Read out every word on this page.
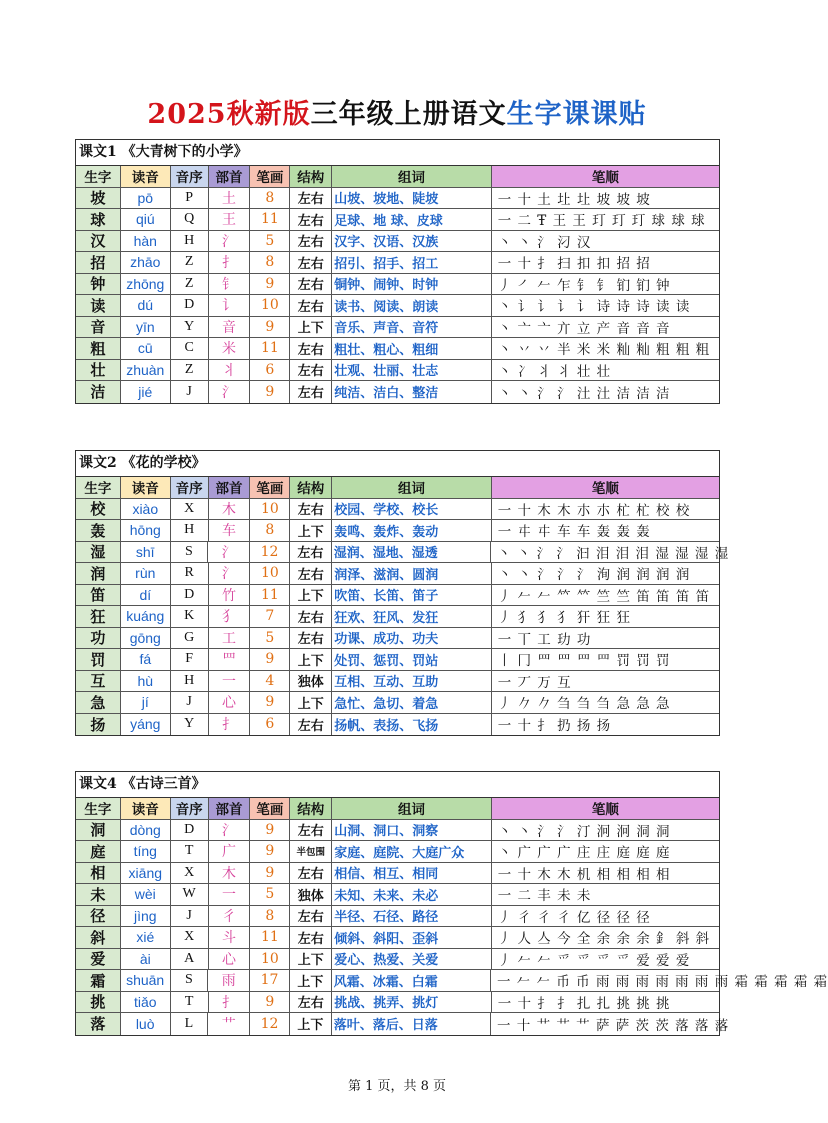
2025秋新版三年级上册语文生字课课贴
课文1 《大青树下的小学》
生字	读音	音序 部首	笔画	结构	组词	笔顺
坡	pō	P	土	8	左右 山坡、坡地、陡坡	一 十 土 圵 圵 坡 坡 坡
球	qiú	Q	王	11	左右 足球、地 球、皮球	一 二 Ŧ 王 王 玎 玎 玎 球 球 球
汉	hàn	H	氵	5	左右 汉字、汉语、汉族	丶 丶 氵 汈 汉
招	zhāo	Z	扌	8	左右 招引、招手、招工	一 十 扌 扫 扣 扣 招 招
钟	zhōng	Z	钅	9	左右 铜钟、闹钟、时钟	丿 ㇒ 𠂉 乍 钅 钅 钔 钔 钟
读	dú	D	讠	10	左右 读书、阅读、朗读	丶 讠 讠 讠 讠 诗 诗 诗 读 读
音	yīn	Y	音	9	上下 音乐、声音、音符	丶 亠 亠 亣 立 产 音 音 音
粗	cū	C	米	11	左右 粗壮、粗心、粗细	丶 丷 丷 半 米 米 籼 籼 粗 粗 粗
壮	zhuàn	Z	丬	6	左右 壮观、壮丽、壮志	丶 冫 丬 丬 壮 壮
洁	jié	J	氵	9	左右 纯洁、洁白、整洁	丶 丶 氵 氵 汢 汢 洁 洁 洁
课文2 《花的学校》
生字	读音	音序 部首	笔画	结构	组词	笔顺
校	xiào	X	木	10	左右 校园、学校、校长	一 十 木 木 朩 朩 杧 杧 校 校
轰	hōng	H	车	8	上下 轰鸣、轰炸、轰动	一 㐄 㐄 车 车 轰 轰 轰
湿	shī	S	氵	12	左右 湿润、湿地、湿透	丶 丶 氵 氵 汩 泪 泪 泪 湿 湿 湿 湿
润	rùn	R	氵	10	左右 润泽、滋润、圆润	丶 丶 氵 氵 氵 洵 润 润 润 润
笛	dí	D	竹	11	上下 吹笛、长笛、笛子	丿 𠂉 𠂉 𥫗 𥫗 竺 竺 笛 笛 笛 笛
狂	kuáng	K	犭	7	左右 狂欢、狂风、发狂	丿 犭 犭 犭 犴 狂 狂
功	gōng	G	工	5	左右 功课、成功、功夫	一 丅 工 玏 功
罚	fá	F	罒	9	上下 处罚、惩罚、罚站	丨 冂 罒 罒 罒 罒 罚 罚 罚
互	hù	H	一	4	独体 互相、互动、互助	一 丆 万 互
急	jí	J	心	9	上下 急忙、急切、着急	丿 𠂊 𠂊 刍 刍 刍 急 急 急
扬	yáng	Y	扌	6	左右 扬帆、表扬、飞扬	一 十 扌 扔 扬 扬
课文4 《古诗三首》
生字	读音	音序 部首	笔画	结构	组词	笔顺
洞	dòng	D	氵	9	左右 山洞、洞口、洞察	丶 丶 氵 氵 汀 泂 泂 洞 洞
庭	tíng	T	广	9	半包围 家庭、庭院、大庭广众	丶 广 广 广 庄 庄 庭 庭 庭
相	xiāng	X	木	9	左右 相信、相互、相同	一 十 木 木 机 相 相 相 相
未	wèi	W	一	5	独体 未知、未来、未必	一 二 丰 未 未
径	jìng	J	彳	8	左右 半径、石径、路径	丿 彳 彳 彳 亿 径 径 径
斜	xié	X	斗	11	左右 倾斜、斜阳、歪斜	丿 人 亼 今 全 余 余 余 釒 斜 斜
爱	ài	A	心	10	上下 爱心、热爱、关爱	丿 𠂉 𠂉 爫 爫 爫 爫 爱 爱 爱
霜	shuān	S	雨	17	上下 风霜、冰霜、白霜	一 𠂉 𠂉 币 币 雨 雨 雨 雨 雨 雨 雨 霜 霜 霜 霜 霜
挑	tiǎo	T	扌	9	左右 挑战、挑弄、挑灯	一 十 扌 扌 扎 扎 挑 挑 挑
落	luò	L	艹	12	上下 落叶、落后、日落	一 十 艹 艹 艹 萨 萨 茨 茨 落 落 落
第 1 页，共 8 页
